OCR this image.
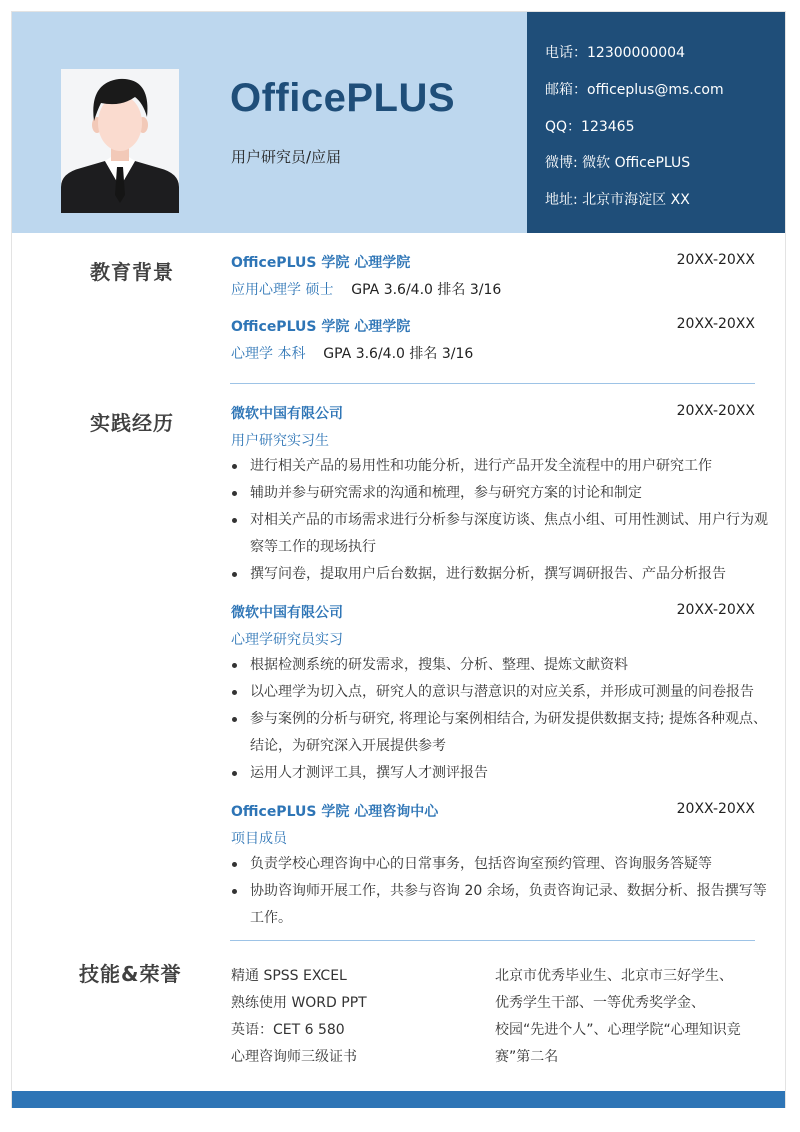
OfficePLUS
用户研究员/应届
电话：12300000004
邮箱：officeplus@ms.com
QQ：123465
微博: 微软 OfficePLUS
地址: 北京市海淀区 XX
教育背景	OfficePLUS 学院 心理学院	20XX-20XX
应用心理学 硕士 GPA 3.6/4.0 排名 3/16
OfficePLUS 学院 心理学院	20XX-20XX
心理学 本科 GPA 3.6/4.0 排名 3/16
实践经历	微软中国有限公司	20XX-20XX
用户研究实习生
进行相关产品的易用性和功能分析，进行产品开发全流程中的用户研究工作
辅助并参与研究需求的沟通和梳理，参与研究方案的讨论和制定
对相关产品的市场需求进行分析参与深度访谈、焦点小组、可用性测试、用户行为观察等工作的现场执行
撰写问卷，提取用户后台数据，进行数据分析，撰写调研报告、产品分析报告
微软中国有限公司	20XX-20XX
心理学研究员实习
根据检测系统的研发需求，搜集、分析、整理、提炼文献资料
以心理学为切入点，研究人的意识与潜意识的对应关系，并形成可测量的问卷报告
参与案例的分析与研究, 将理论与案例相结合, 为研发提供数据支持; 提炼各种观点、结论，为研究深入开展提供参考
运用人才测评工具，撰写人才测评报告
OfficePLUS 学院 心理咨询中心	20XX-20XX
项目成员
负责学校心理咨询中心的日常事务，包括咨询室预约管理、咨询服务答疑等
协助咨询师开展工作，共参与咨询 20 余场，负责咨询记录、数据分析、报告撰写等工作。
技能&荣誉	精通 SPSS EXCEL
熟练使用 WORD PPT
英语：CET 6 580
心理咨询师三级证书
北京市优秀毕业生、北京市三好学生、
优秀学生干部、一等优秀奖学金、
校园“先进个人”、心理学院“心理知识竞
赛”第二名
